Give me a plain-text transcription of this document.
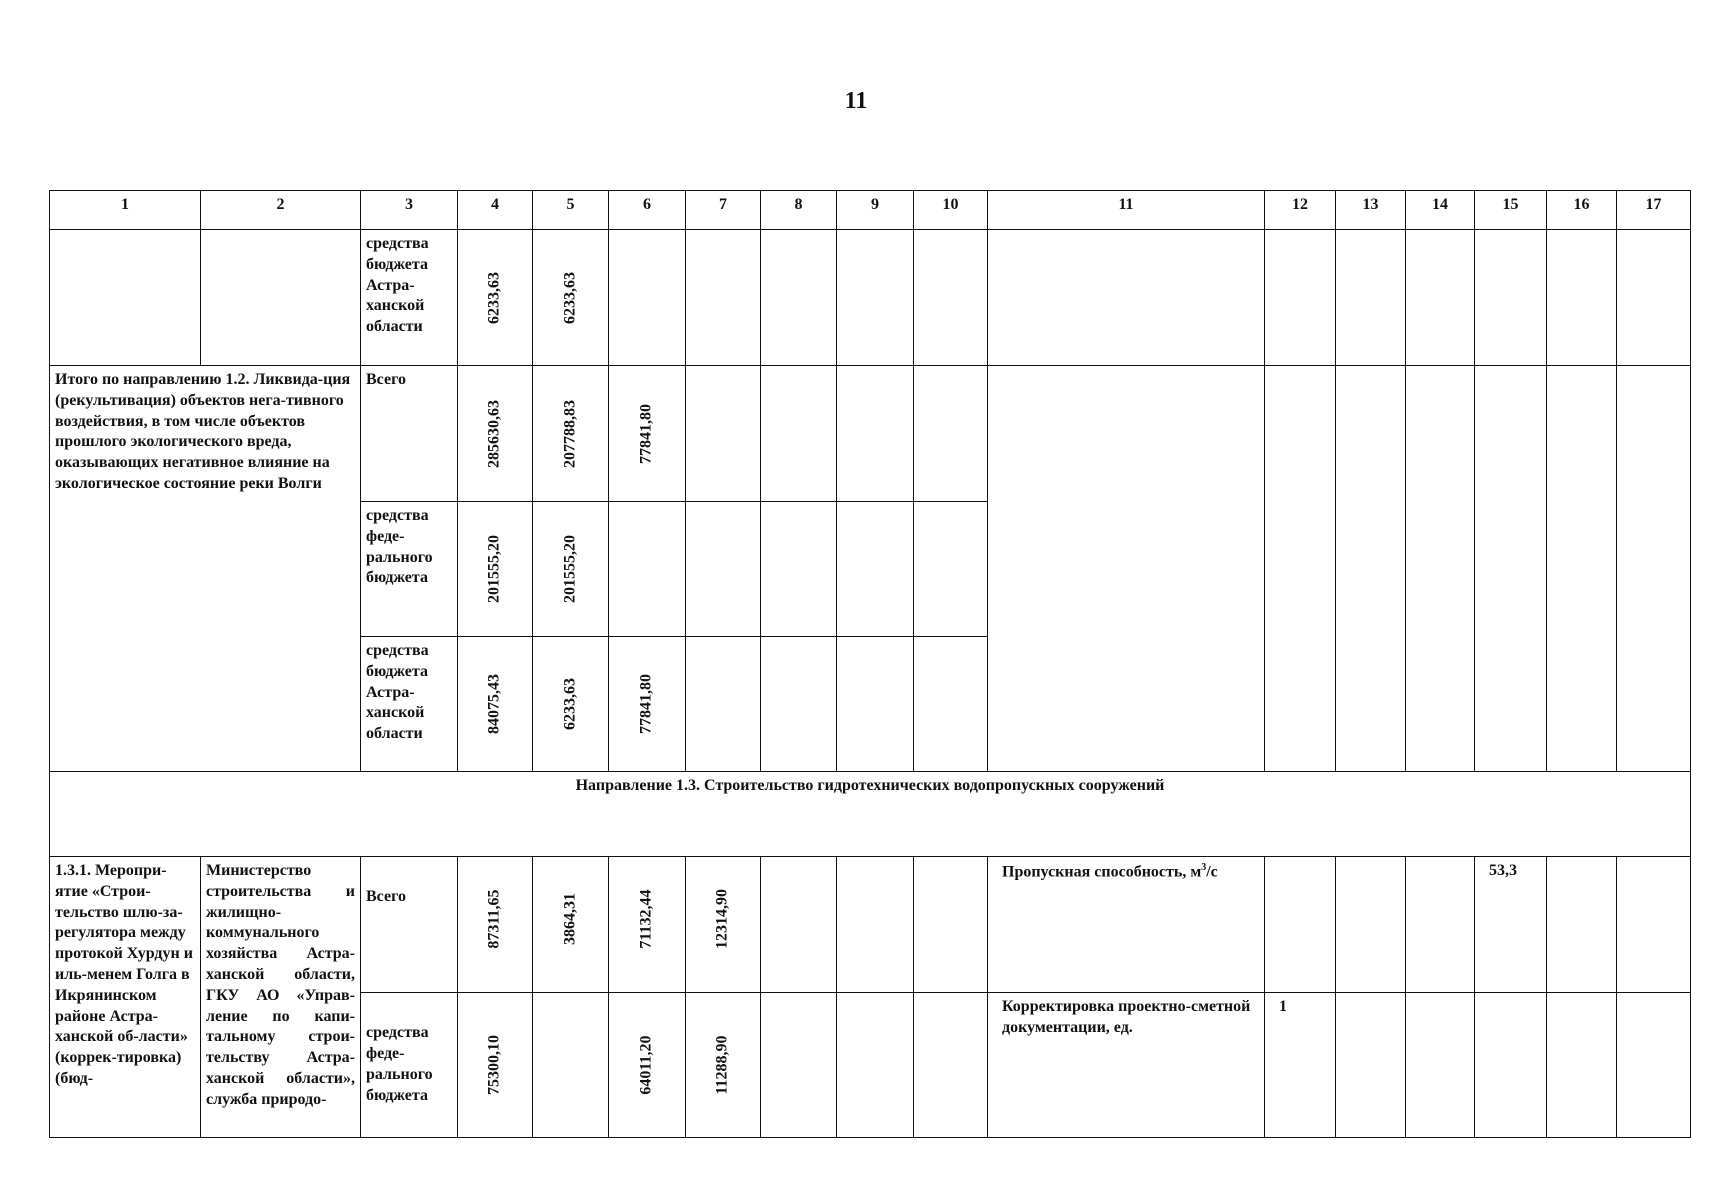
11
1	2	3	4	5	6	7	8	9	10	11	12	13	14	15	16	17
		средства бюджета Астра-ханской области	6233,63	6233,63												

Итого по направлению 1.2. Ликвида-ция (рекультивация) объектов нега-тивного воздействия, в том числе объектов прошлого экологического вреда, оказывающих негативное влияние на экологическое состояние реки Волги		Всего	285630,63	207788,83	77841,80											

		средства феде-рального бюджета	201555,20	201555,20												

		средства бюджета Астра-ханской области	84075,43	6233,63	77841,80											

Направление 1.3. Строительство гидротехнических водопропускных сооружений																
1.3.1. Меропри-ятие «Строи-тельство шлю-за-регулятора между протокой Хурдун и иль-менем Голга в Икрянинском районе Астра-ханской об-ласти» (коррек-тировка) (бюд-	Министерство строительства и жилищно-коммунального хозяйства Астра-ханской области, ГКУ АО «Управ-ление по капи-тальному строи-тельству Астра-ханской области», служба природо-	Всего	87311,65	3864,31	71132,44	12314,90				Пропускная способность, $м^3/с$				53,3		
		средства феде-рального бюджета	75300,10		64011,20	11288,90				Корректировка проектно-сметной документации, ед.	1					
